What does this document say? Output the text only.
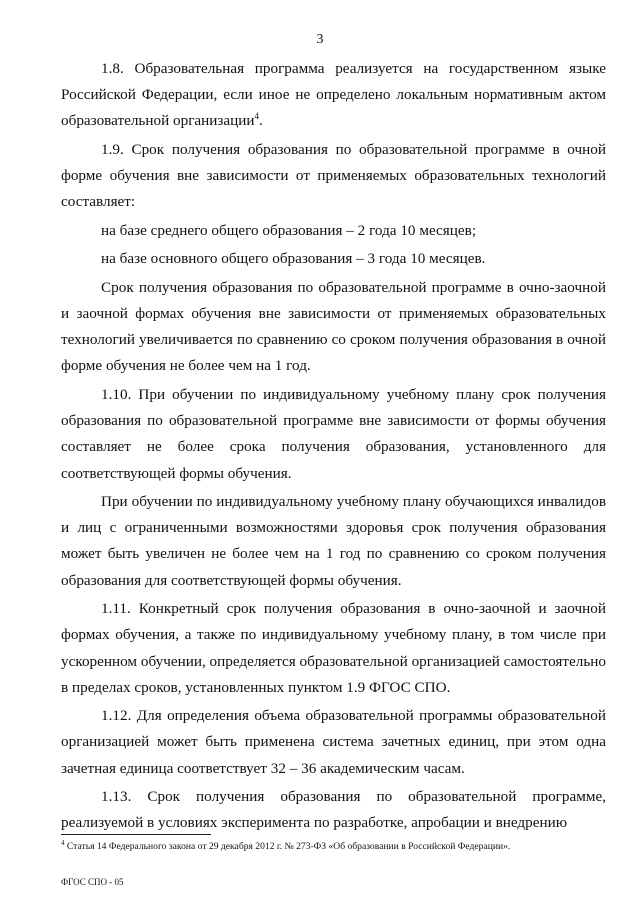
3

1.8. Образовательная программа реализуется на государственном языке Российской Федерации, если иное не определено локальным нормативным актом образовательной организации$^4$.

1.9. Срок получения образования по образовательной программе в очной форме обучения вне зависимости от применяемых образовательных технологий составляет:

на базе среднего общего образования – 2 года 10 месяцев;

на базе основного общего образования – 3 года 10 месяцев.

Срок получения образования по образовательной программе в очно-заочной и заочной формах обучения вне зависимости от применяемых образовательных технологий увеличивается по сравнению со сроком получения образования в очной форме обучения не более чем на 1 год.

1.10. При обучении по индивидуальному учебному плану срок получения образования по образовательной программе вне зависимости от формы обучения составляет не более срока получения образования, установленного для соответствующей формы обучения.

При обучении по индивидуальному учебному плану обучающихся инвалидов и лиц с ограниченными возможностями здоровья срок получения образования может быть увеличен не более чем на 1 год по сравнению со сроком получения образования для соответствующей формы обучения.

1.11. Конкретный срок получения образования в очно-заочной и заочной формах обучения, а также по индивидуальному учебному плану, в том числе при ускоренном обучении, определяется образовательной организацией самостоятельно в пределах сроков, установленных пунктом 1.9 ФГОС СПО.

1.12. Для определения объема образовательной программы образовательной организацией может быть применена система зачетных единиц, при этом одна зачетная единица соответствует 32 – 36 академическим часам.

1.13. Срок получения образования по образовательной программе, реализуемой в условиях эксперимента по разработке, апробации и внедрению

$^4$ Статья 14 Федерального закона от 29 декабря 2012 г. № 273-ФЗ «Об образовании в Российской Федерации».
ФГОС СПО - 05
